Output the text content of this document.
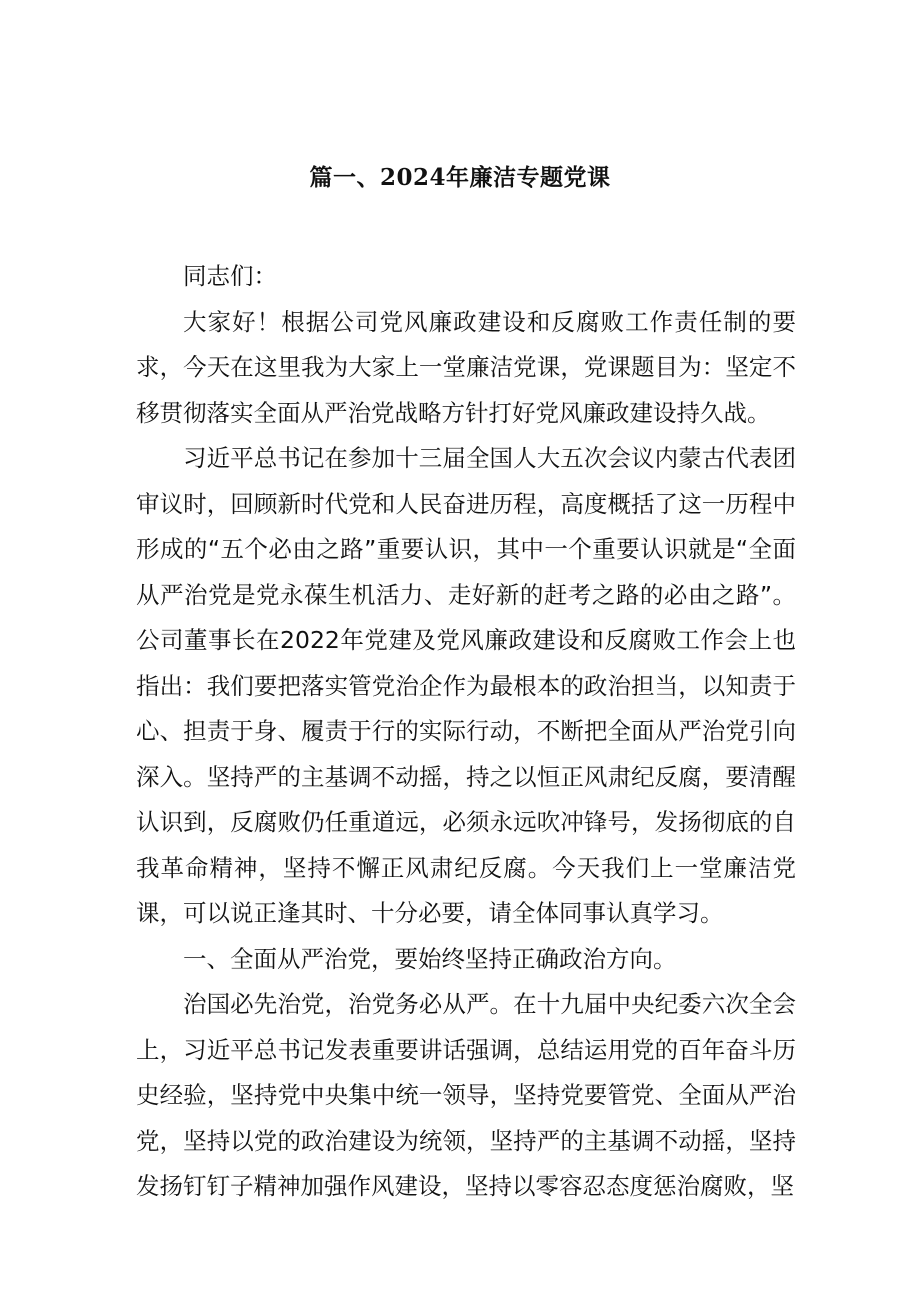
篇一、2024年廉洁专题党课

同志们：

大家好！根据公司党风廉政建设和反腐败工作责任制的要求，今天在这里我为大家上一堂廉洁党课，党课题目为：坚定不移贯彻落实全面从严治党战略方针打好党风廉政建设持久战。

习近平总书记在参加十三届全国人大五次会议内蒙古代表团审议时，回顾新时代党和人民奋进历程，高度概括了这一历程中形成的“五个必由之路”重要认识，其中一个重要认识就是“全面从严治党是党永葆生机活力、走好新的赶考之路的必由之路”。公司董事长在2022年党建及党风廉政建设和反腐败工作会上也指出：我们要把落实管党治企作为最根本的政治担当，以知责于心、担责于身、履责于行的实际行动，不断把全面从严治党引向深入。坚持严的主基调不动摇，持之以恒正风肃纪反腐，要清醒认识到，反腐败仍任重道远，必须永远吹冲锋号，发扬彻底的自我革命精神，坚持不懈正风肃纪反腐。今天我们上一堂廉洁党课，可以说正逢其时、十分必要，请全体同事认真学习。

一、全面从严治党，要始终坚持正确政治方向。

治国必先治党，治党务必从严。在十九届中央纪委六次全会上，习近平总书记发表重要讲话强调，总结运用党的百年奋斗历史经验，坚持党中央集中统一领导，坚持党要管党、全面从严治党，坚持以党的政治建设为统领，坚持严的主基调不动摇，坚持发扬钉钉子精神加强作风建设，坚持以零容忍态度惩治腐败，坚
